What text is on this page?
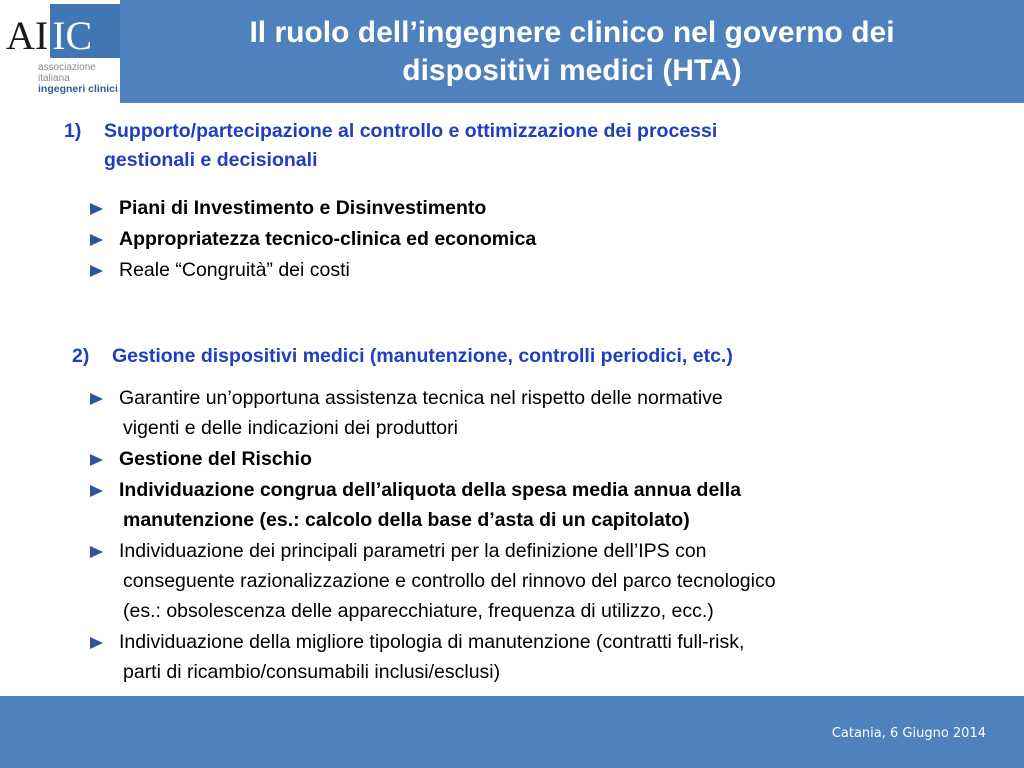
AI IC
associazione
italiana
ingegneri clinici
Il ruolo dell’ingegnere clinico nel governo dei
dispositivi medici (HTA)
1) Supporto/partecipazione al controllo e ottimizzazione dei processi
gestionali e decisionali
Piani di Investimento e Disinvestimento
Appropriatezza tecnico-clinica ed economica
Reale “Congruità” dei costi
2) Gestione dispositivi medici (manutenzione, controlli periodici, etc.)
Garantire un’opportuna assistenza tecnica nel rispetto delle normative
vigenti e delle indicazioni dei produttori
Gestione del Rischio
Individuazione congrua dell’aliquota della spesa media annua della
manutenzione (es.: calcolo della base d’asta di un capitolato)
Individuazione dei principali parametri per la definizione dell’IPS con
conseguente razionalizzazione e controllo del rinnovo del parco tecnologico
(es.: obsolescenza delle apparecchiature, frequenza di utilizzo, ecc.)
Individuazione della migliore tipologia di manutenzione (contratti full-risk,
parti di ricambio/consumabili inclusi/esclusi)
Catania, 6 Giugno 2014
